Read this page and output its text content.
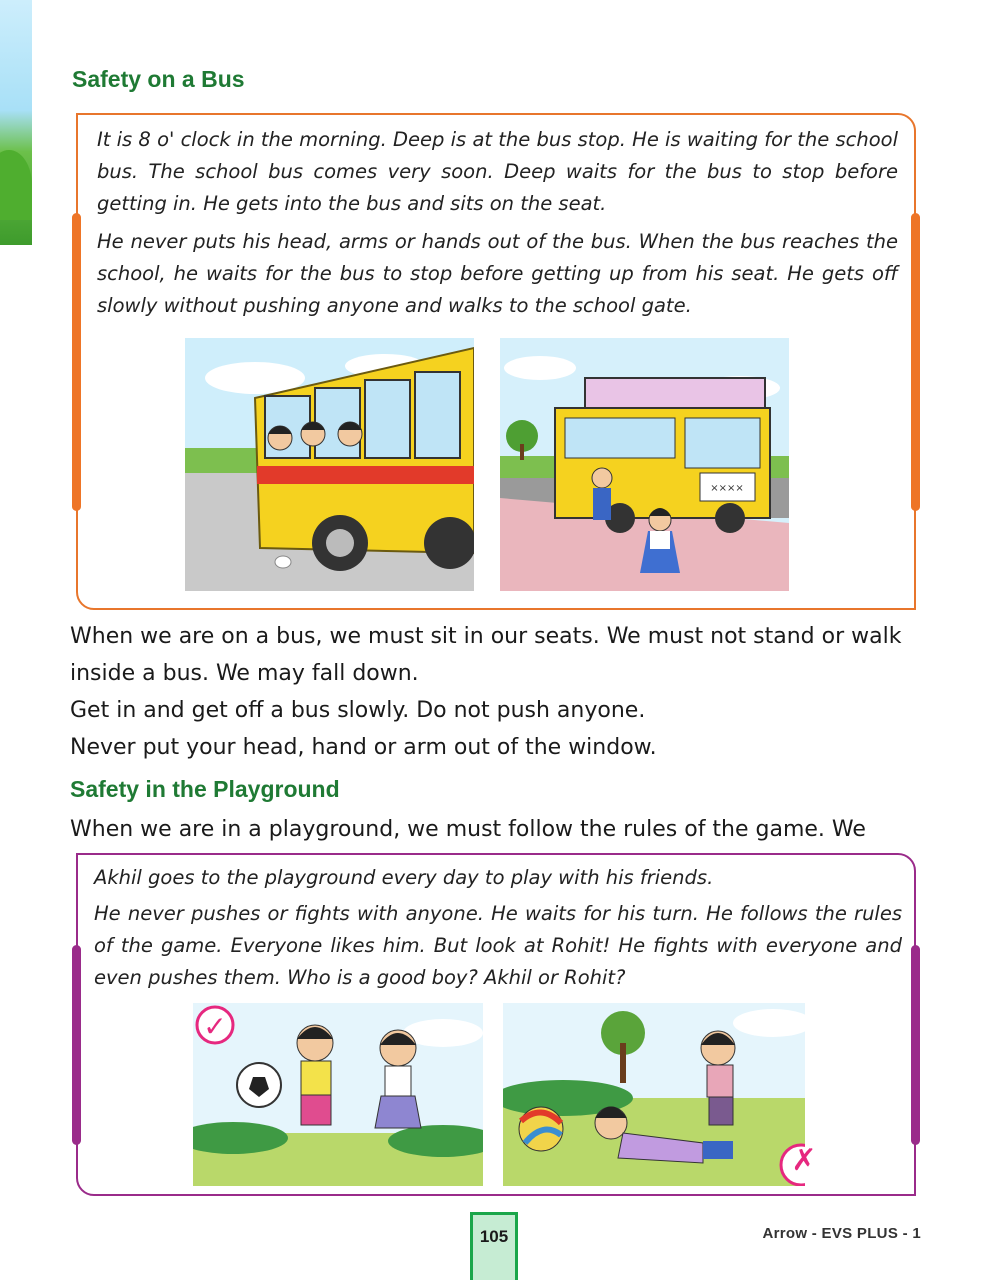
Safety on a Bus
It is 8 o' clock in the morning. Deep is at the bus stop. He is waiting for the school bus. The school bus comes very soon. Deep waits for the bus to stop before getting in. He gets into the bus and sits on the seat.
He never puts his head, arms or hands out of the bus. When the bus reaches the school, he waits for the bus to stop before getting up from his seat. He gets off slowly without pushing anyone and walks to the school gate.
××××
When we are on a bus, we must sit in our seats. We must not stand or walk inside a bus. We may fall down.
Get in and get off a bus slowly. Do not push anyone.
Never put your head, hand or arm out of the window.
Safety in the Playground
When we are in a playground, we must follow the rules of the game. We
Akhil goes to the playground every day to play with his friends.
He never pushes or fights with anyone. He waits for his turn. He follows the rules of the game. Everyone likes him. But look at Rohit! He fights with everyone and even pushes them. Who is a good boy? Akhil or Rohit?
✓
✗
105	Arrow - EVS PLUS - 1
